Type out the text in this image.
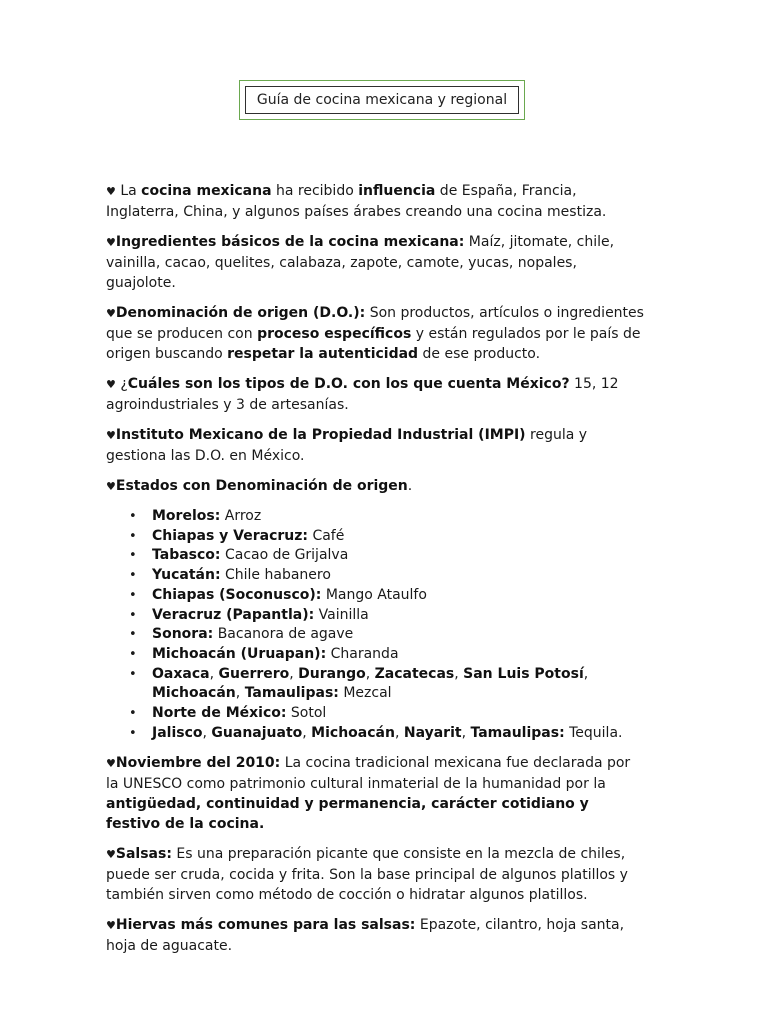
Guía de cocina mexicana y regional

♥ La cocina mexicana ha recibido influencia de España, Francia, Inglaterra, China, y algunos países árabes creando una cocina mestiza.

♥Ingredientes básicos de la cocina mexicana: Maíz, jitomate, chile, vainilla, cacao, quelites, calabaza, zapote, camote, yucas, nopales, guajolote.

♥Denominación de origen (D.O.): Son productos, artículos o ingredientes que se producen con proceso específicos y están regulados por le país de origen buscando respetar la autenticidad de ese producto.

♥ ¿Cuáles son los tipos de D.O. con los que cuenta México? 15, 12 agroindustriales y 3 de artesanías.

♥Instituto Mexicano de la Propiedad Industrial (IMPI) regula y gestiona las D.O. en México.

♥Estados con Denominación de origen.

• Morelos: Arroz
• Chiapas y Veracruz: Café
• Tabasco: Cacao de Grijalva
• Yucatán: Chile habanero
• Chiapas (Soconusco): Mango Ataulfo
• Veracruz (Papantla): Vainilla
• Sonora: Bacanora de agave
• Michoacán (Uruapan): Charanda
• Oaxaca, Guerrero, Durango, Zacatecas, San Luis Potosí, Michoacán, Tamaulipas: Mezcal
• Norte de México: Sotol
• Jalisco, Guanajuato, Michoacán, Nayarit, Tamaulipas: Tequila.

♥Noviembre del 2010: La cocina tradicional mexicana fue declarada por la UNESCO como patrimonio cultural inmaterial de la humanidad por la antigüedad, continuidad y permanencia, carácter cotidiano y festivo de la cocina.

♥Salsas: Es una preparación picante que consiste en la mezcla de chiles, puede ser cruda, cocida y frita. Son la base principal de algunos platillos y también sirven como método de cocción o hidratar algunos platillos.

♥Hiervas más comunes para las salsas: Epazote, cilantro, hoja santa, hoja de aguacate.
